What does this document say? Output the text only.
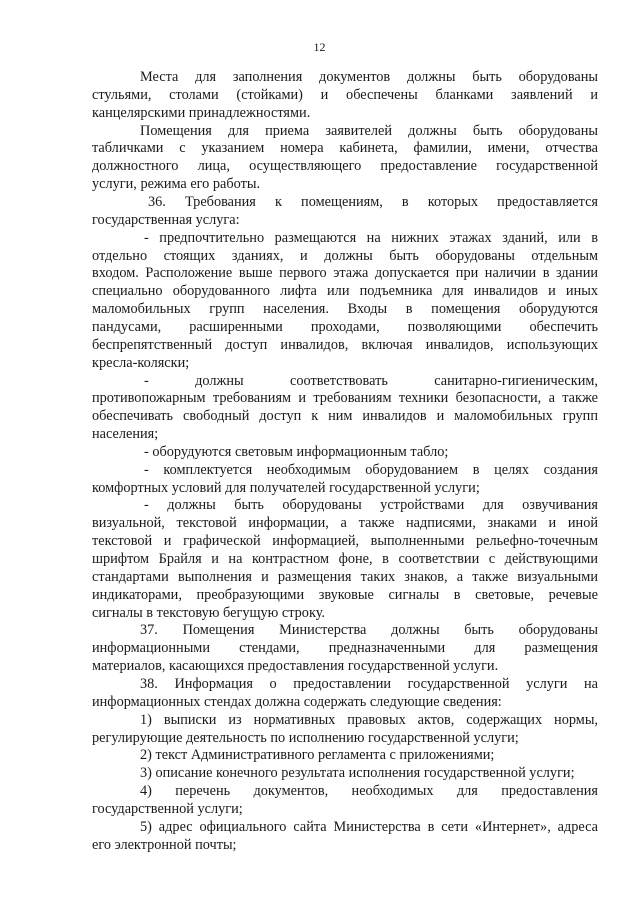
12
Места для заполнения документов должны быть оборудованы
стульями, столами (стойками) и обеспечены бланками заявлений и
канцелярскими принадлежностями.
Помещения для приема заявителей должны быть оборудованы
табличками с указанием номера кабинета, фамилии, имени, отчества
должностного лица, осуществляющего предоставление государственной
услуги, режима его работы.
36. Требования к помещениям, в которых предоставляется
государственная услуга:
- предпочтительно размещаются на нижних этажах зданий, или в
отдельно стоящих зданиях, и должны быть оборудованы отдельным
входом. Расположение выше первого этажа допускается при наличии в здании
специально оборудованного лифта или подъемника для инвалидов и иных
маломобильных групп населения. Входы в помещения оборудуются
пандусами, расширенными проходами, позволяющими обеспечить
беспрепятственный доступ инвалидов, включая инвалидов, использующих
кресла-коляски;
- должны соответствовать санитарно-гигиеническим,
противопожарным требованиям и требованиям техники безопасности, а также
обеспечивать свободный доступ к ним инвалидов и маломобильных групп
населения;
- оборудуются световым информационным табло;
- комплектуется необходимым оборудованием в целях создания
комфортных условий для получателей государственной услуги;
- должны быть оборудованы устройствами для озвучивания
визуальной, текстовой информации, а также надписями, знаками и иной
текстовой и графической информацией, выполненными рельефно-точечным
шрифтом Брайля и на контрастном фоне, в соответствии с действующими
стандартами выполнения и размещения таких знаков, а также визуальными
индикаторами, преобразующими звуковые сигналы в световые, речевые
сигналы в текстовую бегущую строку.
37. Помещения Министерства должны быть оборудованы
информационными стендами, предназначенными для размещения
материалов, касающихся предоставления государственной услуги.
38. Информация о предоставлении государственной услуги на
информационных стендах должна содержать следующие сведения:
1) выписки из нормативных правовых актов, содержащих нормы,
регулирующие деятельность по исполнению государственной услуги;
2) текст Административного регламента с приложениями;
3) описание конечного результата исполнения государственной услуги;
4) перечень документов, необходимых для предоставления
государственной услуги;
5) адрес официального сайта Министерства в сети «Интернет», адреса
его электронной почты;
